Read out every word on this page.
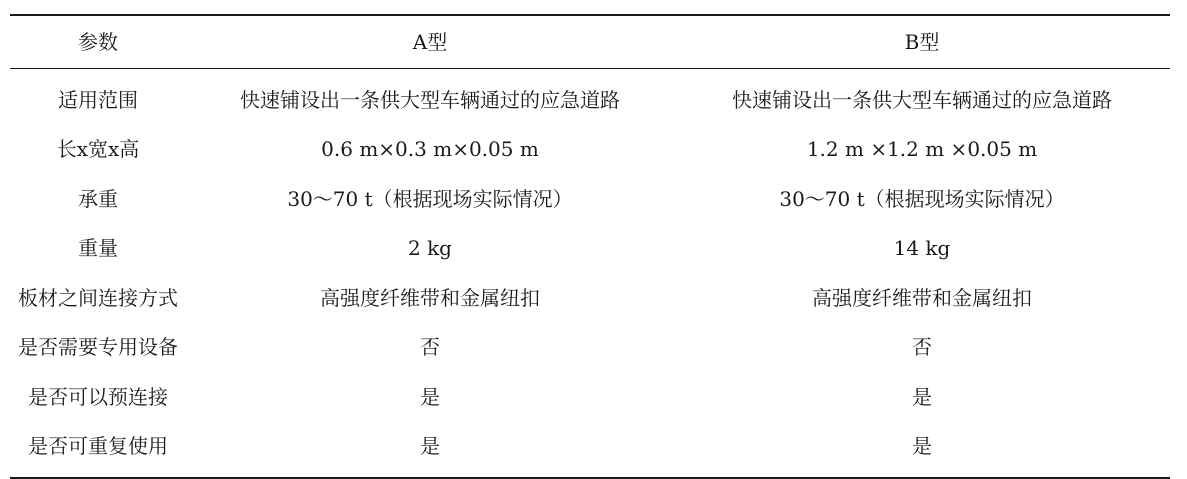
参数	A型	B型
适用范围	快速铺设出一条供大型车辆通过的应急道路	快速铺设出一条供大型车辆通过的应急道路
长x宽x高	0.6 m×0.3 m×0.05 m	1.2 m ×1.2 m ×0.05 m
承重	30～70 t（根据现场实际情况）	30～70 t（根据现场实际情况）
重量	2 kg	14 kg
板材之间连接方式	高强度纤维带和金属纽扣	高强度纤维带和金属纽扣
是否需要专用设备	否	否
是否可以预连接	是	是
是否可重复使用	是	是
